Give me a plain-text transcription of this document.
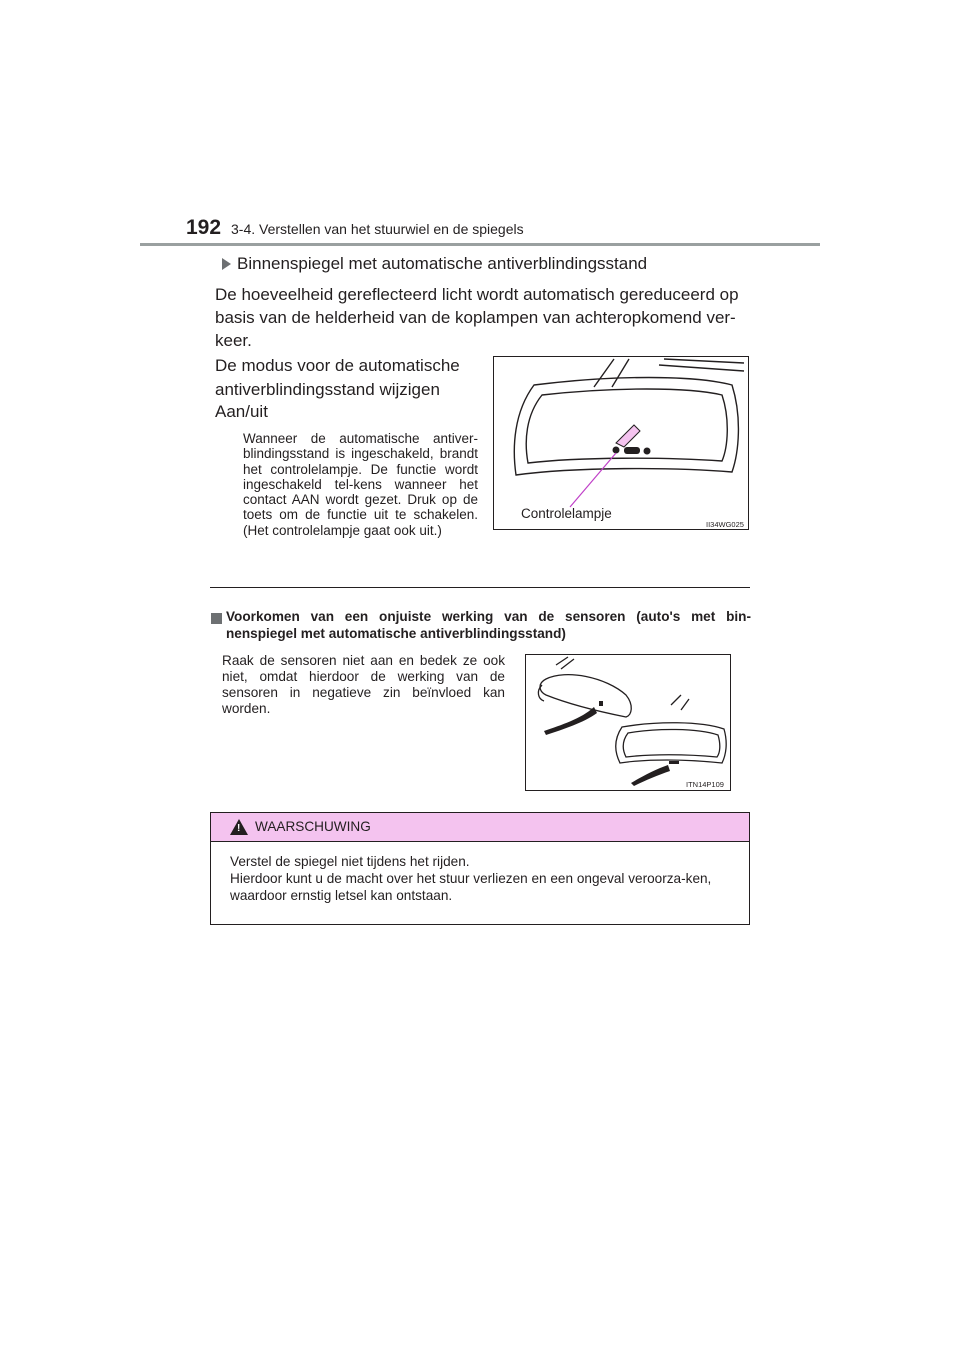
192 3-4. Verstellen van het stuurwiel en de spiegels
Binnenspiegel met automatische antiverblindingsstand
De hoeveelheid gereflecteerd licht wordt automatisch gereduceerd op basis van de helderheid van de koplampen van achteropkomend ver-keer.
De modus voor de automatische antiverblindingsstand wijzigen
Aan/uit
Wanneer de automatische antiver-blindingsstand is ingeschakeld, brandt het controlelampje. De functie wordt ingeschakeld tel-kens wanneer het contact AAN wordt gezet. Druk op de toets om de functie uit te schakelen. (Het controlelampje gaat ook uit.)
Controlelampje
II34WG025
Voorkomen van een onjuiste werking van de sensoren (auto's met bin-nenspiegel met automatische antiverblindingsstand)
Raak de sensoren niet aan en bedek ze ook niet, omdat hierdoor de werking van de sensoren in negatieve zin beïnvloed kan worden.
ITN14P109
! WAARSCHUWING
Verstel de spiegel niet tijdens het rijden.
Hierdoor kunt u de macht over het stuur verliezen en een ongeval veroorza-ken, waardoor ernstig letsel kan ontstaan.
